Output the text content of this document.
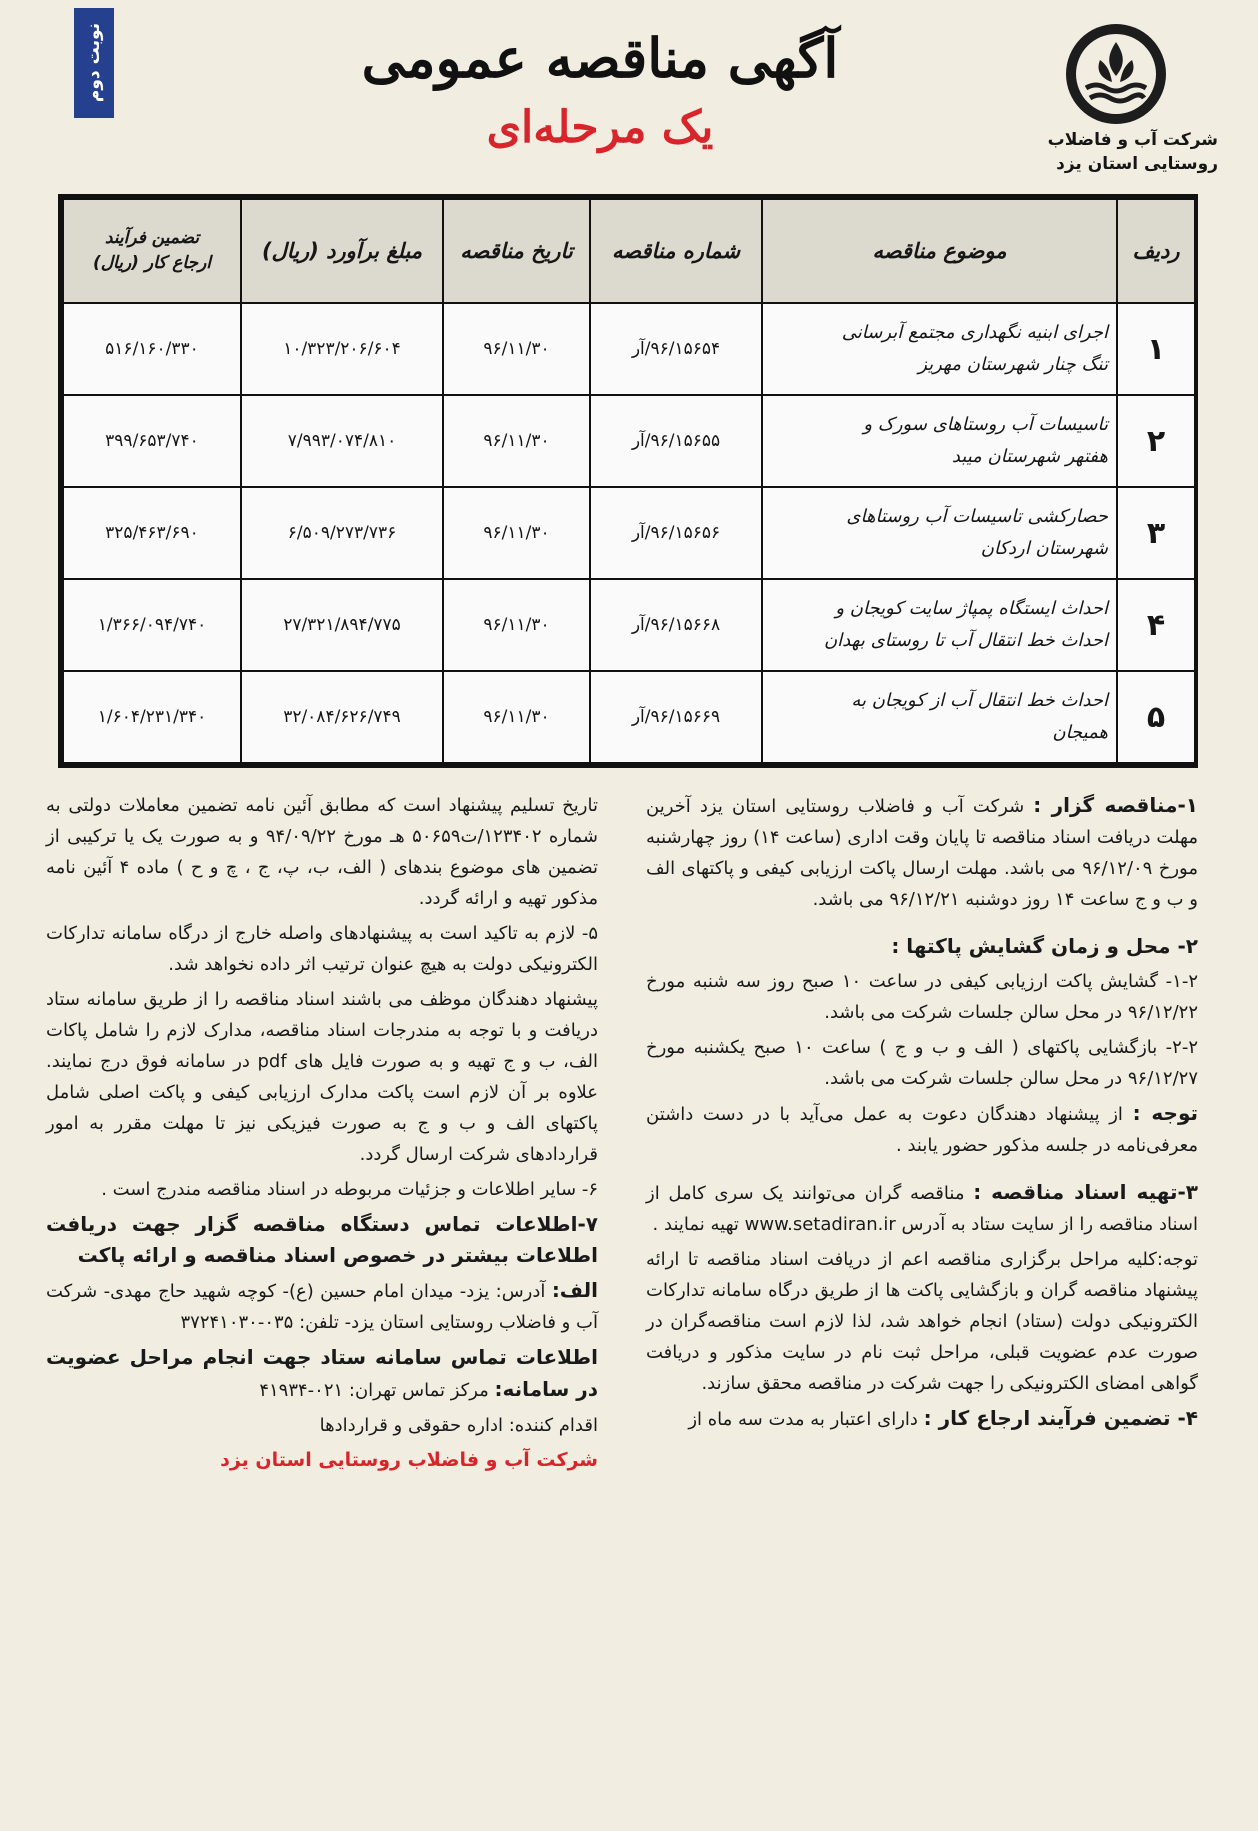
نوبت دوم	آگهی مناقصه عمومی
یک مرحله‌ای	شرکت آب و فاضلاب
روستایی استان یزد
ردیف	موضوع مناقصه	شماره مناقصه	تاریخ مناقصه	مبلغ برآورد (ریال)	تضمین فرآیند
ارجاع کار (ریال)

۱	اجرای ابنیه نگهداری مجتمع آبرسانی
تنگ چنار شهرستان مهریز	۹۶/۱۵۶۵۴/آر	۹۶/۱۱/۳۰	۱۰/۳۲۳/۲۰۶/۶۰۴	۵۱۶/۱۶۰/۳۳۰
۲	تاسیسات آب روستاهای سورک و
هفتهر شهرستان میبد	۹۶/۱۵۶۵۵/آر	۹۶/۱۱/۳۰	۷/۹۹۳/۰۷۴/۸۱۰	۳۹۹/۶۵۳/۷۴۰
۳	حصارکشی تاسیسات آب روستاهای
شهرستان اردکان	۹۶/۱۵۶۵۶/آر	۹۶/۱۱/۳۰	۶/۵۰۹/۲۷۳/۷۳۶	۳۲۵/۴۶۳/۶۹۰
۴	احداث ایستگاه پمپاژ سایت کویجان و
احداث خط انتقال آب تا روستای بهدان	۹۶/۱۵۶۶۸/آر	۹۶/۱۱/۳۰	۲۷/۳۲۱/۸۹۴/۷۷۵	۱/۳۶۶/۰۹۴/۷۴۰
۵	احداث خط انتقال آب از کویجان به
همیجان	۹۶/۱۵۶۶۹/آر	۹۶/۱۱/۳۰	۳۲/۰۸۴/۶۲۶/۷۴۹	۱/۶۰۴/۲۳۱/۳۴۰

۱-مناقصه گزار : شرکت آب و فاضلاب روستایی استان یزد آخرین مهلت دریافت اسناد مناقصه تا پایان وقت اداری (ساعت ۱۴) روز چهارشنبه مورخ ۹۶/۱۲/۰۹ می باشد. مهلت ارسال پاکت ارزیابی کیفی و پاکتهای الف و ب و ج ساعت ۱۴ روز دوشنبه ۹۶/۱۲/۲۱ می باشد.

۲- محل و زمان گشایش پاکتها :

۱-۲- گشایش پاکت ارزیابی کیفی در ساعت ۱۰ صبح روز سه شنبه مورخ ۹۶/۱۲/۲۲ در محل سالن جلسات شرکت می باشد.

۲-۲- بازگشایی پاکتهای ( الف و ب و ج ) ساعت ۱۰ صبح یکشنبه مورخ ۹۶/۱۲/۲۷ در محل سالن جلسات شرکت می باشد.

توجه : از پیشنهاد دهندگان دعوت به عمل می‌آید با در دست داشتن معرفی‌نامه در جلسه مذکور حضور یابند .

۳-تهیه اسناد مناقصه : مناقصه گران می‌توانند یک سری کامل از اسناد مناقصه را از سایت ستاد به آدرس www.setadiran.ir تهیه نمایند .

توجه:کلیه مراحل برگزاری مناقصه اعم از دریافت اسناد مناقصه تا ارائه پیشنهاد مناقصه گران و بازگشایی پاکت ها از طریق درگاه سامانه تدارکات الکترونیکی دولت (ستاد) انجام خواهد شد، لذا لازم است مناقصه‌گران در صورت عدم عضویت قبلی، مراحل ثبت نام در سایت مذکور و دریافت گواهی امضای الکترونیکی را جهت شرکت در مناقصه محقق سازند.

۴- تضمین فرآیند ارجاع کار : دارای اعتبار به مدت سه ماه از

تاریخ تسلیم پیشنهاد است که مطابق آئین نامه تضمین معاملات دولتی به شماره ۱۲۳۴۰۲/ت۵۰۶۵۹ هـ مورخ ۹۴/۰۹/۲۲ و به صورت یک یا ترکیبی از تضمین های موضوع بندهای ( الف، ب، پ، ج ، چ و ح ) ماده ۴ آئین نامه مذکور تهیه و ارائه گردد.

۵- لازم به تاکید است به پیشنهادهای واصله خارج از درگاه سامانه تدارکات الکترونیکی دولت به هیچ عنوان ترتیب اثر داده نخواهد شد.

پیشنهاد دهندگان موظف می باشند اسناد مناقصه را از طریق سامانه ستاد دریافت و با توجه به مندرجات اسناد مناقصه، مدارک لازم را شامل پاکات الف، ب و ج تهیه و به صورت فایل های pdf در سامانه فوق درج نمایند. علاوه بر آن لازم است پاکت مدارک ارزیابی کیفی و پاکت اصلی شامل پاکتهای الف و ب و ج به صورت فیزیکی نیز تا مهلت مقرر به امور قراردادهای شرکت ارسال گردد.

۶- سایر اطلاعات و جزئیات مربوطه در اسناد مناقصه مندرج است .

۷-اطلاعات تماس دستگاه مناقصه گزار جهت دریافت اطلاعات بیشتر در خصوص اسناد مناقصه و ارائه پاکت

الف: آدرس: یزد- میدان امام حسین (ع)- کوچه شهید حاج مهدی- شرکت آب و فاضلاب روستایی استان یزد- تلفن: ۰۳۵-۳۷۲۴۱۰۳۰

اطلاعات تماس سامانه ستاد جهت انجام مراحل عضویت در سامانه: مرکز تماس تهران: ۰۲۱-۴۱۹۳۴

اقدام کننده: اداره حقوقی و قراردادها

شرکت آب و فاضلاب روستایی استان یزد
